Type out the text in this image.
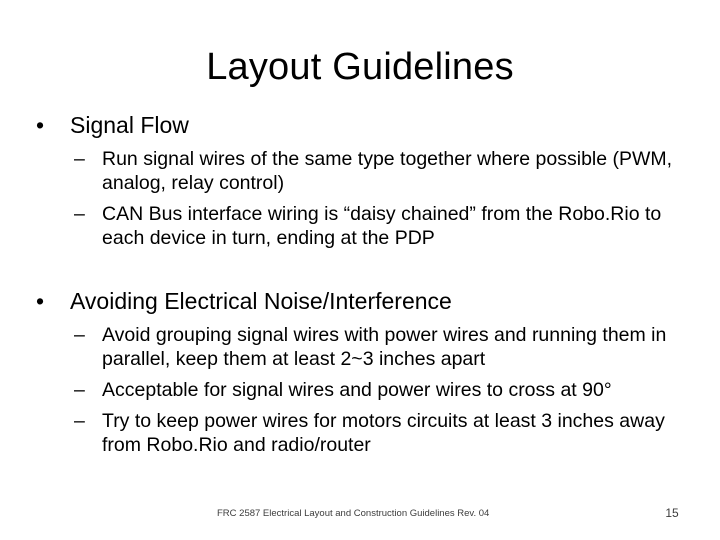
Layout Guidelines
•	Signal Flow
– Run signal wires of the same type together where possible (PWM, analog, relay control)
– CAN Bus interface wiring is “daisy chained” from the Robo.Rio to each device in turn, ending at the PDP
•	Avoiding Electrical Noise/Interference
– Avoid grouping signal wires with power wires and running them in parallel, keep them at least 2~3 inches apart
– Acceptable for signal wires and power wires to cross at 90°
– Try to keep power wires for motors circuits at least 3 inches away from Robo.Rio and radio/router
FRC 2587 Electrical Layout and Construction Guidelines Rev. 04	15
